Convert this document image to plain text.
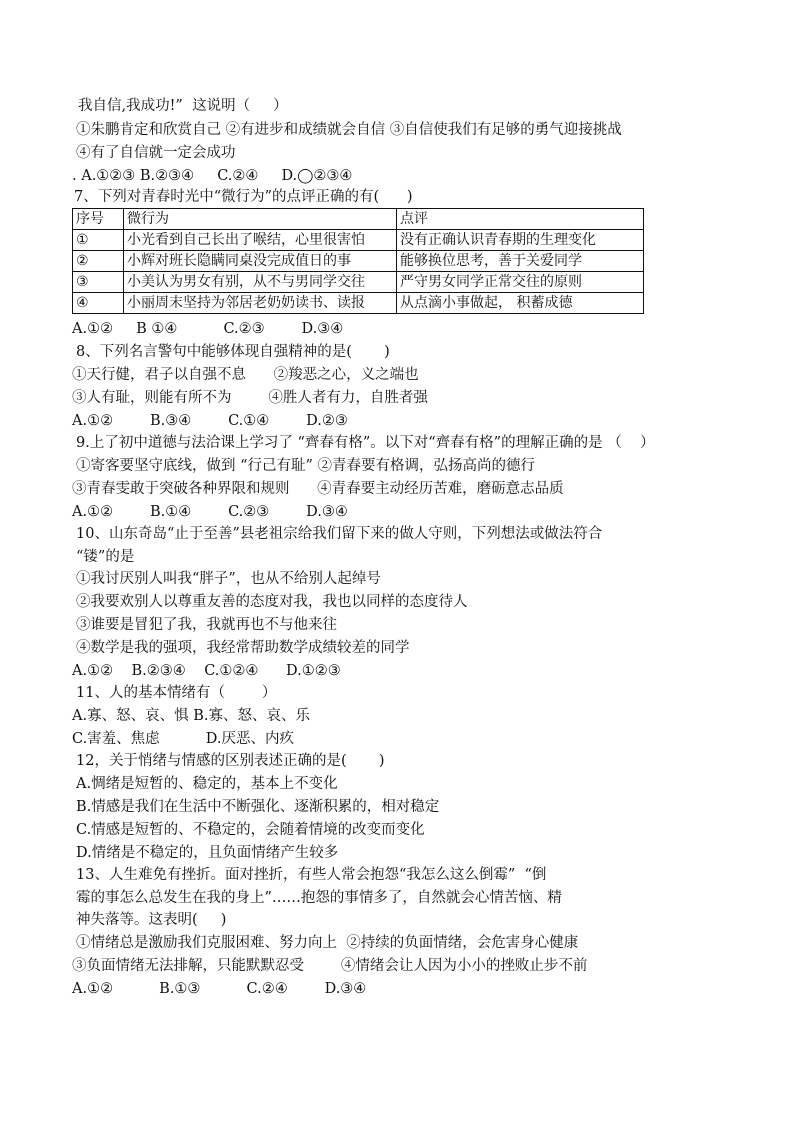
我自信,我成功!”  这说明（     ）
①朱鹏肯定和欣赏自己 ②有进步和成绩就会自信 ③自信使我们有足够的勇气迎接挑战
④有了自信就一定会成功
. A.①②③ B.②③④     C.②④     D.◯②③④
7、下列对青春时光中“微行为”的点评正确的有(      )
序号	微行为	点评
①	小光看到自己长出了喉结，心里很害怕	没有正确认识青春期的生理变化
②	小辉对班长隐瞒同桌没完成值日的事	能够换位思考，善于关爱同学
③	小美认为男女有别，从不与男同学交往	严守男女同学正常交往的原则
④	小丽周末坚持为邻居老奶奶读书、读报	从点滴小事做起， 积蓄成德
A.①②     B ①④          C.②③        D.③④
8、下列名言警句中能够体现自强精神的是(       )
①天行健，君子以自强不息      ②羧恶之心，义之端也
③人有耻，则能有所不为        ④胜人者有力，自胜者强
A.①②        B.③④        C.①④        D.②③
9.上了初中道德与法洽课上学习了 “齊春有格”。以下对“齊春有格”的理解正确的是 （    ）
①寄客要坚守底线，做到 “行己有耻” ②青春要有格调，弘扬高尚的德行
③青春雯敢于突破各种界限和规则      ④青春要主动经历苦难，磨砺意志品质
A.①②        B.①④        C.②③        D.③④
10、山东奇岛“止于至善”县老祖宗给我们留下来的做人守则，下列想法或做法符合
“镂”的是
①我讨厌别人叫我“胖子”，也从不给别人起绰号
②我要欢别人以尊重友善的态度对我，我也以同样的态度待人
③谁要是冒犯了我，我就再也不与他来往
④数学是我的强项，我经常帮助数学成绩较差的同学
A.①②    B.②③④    C.①②④      D.①②③
11、人的基本情绪有（        ）
A.寡、怒、哀、惧 B.寡、怒、哀、乐
C.害羞、焦虑          D.厌恶、内疚
12，关于悄绪与情感的区别表述正确的是(       )
A.惆绪是短暂的、稳定的，基本上不变化
B.情感是我们在生活中不断强化、逐渐积累的，相对稳定
C.情感是短暂的、不稳定的，会随着情境的改变而变化
D.情绪是不稳定的，且负面情绪产生较多
13、人生难免有挫折。面对挫折，有些人常会抱怨“我怎么这么倒霉”  “倒
霉的事怎么总发生在我的身上”……抱怨的事情多了，自然就会心情苦恼、精
神失落等。这表明(     )
①情绪总是激励我们克服困难、努力向上  ②持续的负面情绪，会危害身心健康
③负面情绪无法排解，只能默默忍受        ④情绪会让人因为小小的挫败止步不前
A.①②          B.①③          C.②④        D.③④
